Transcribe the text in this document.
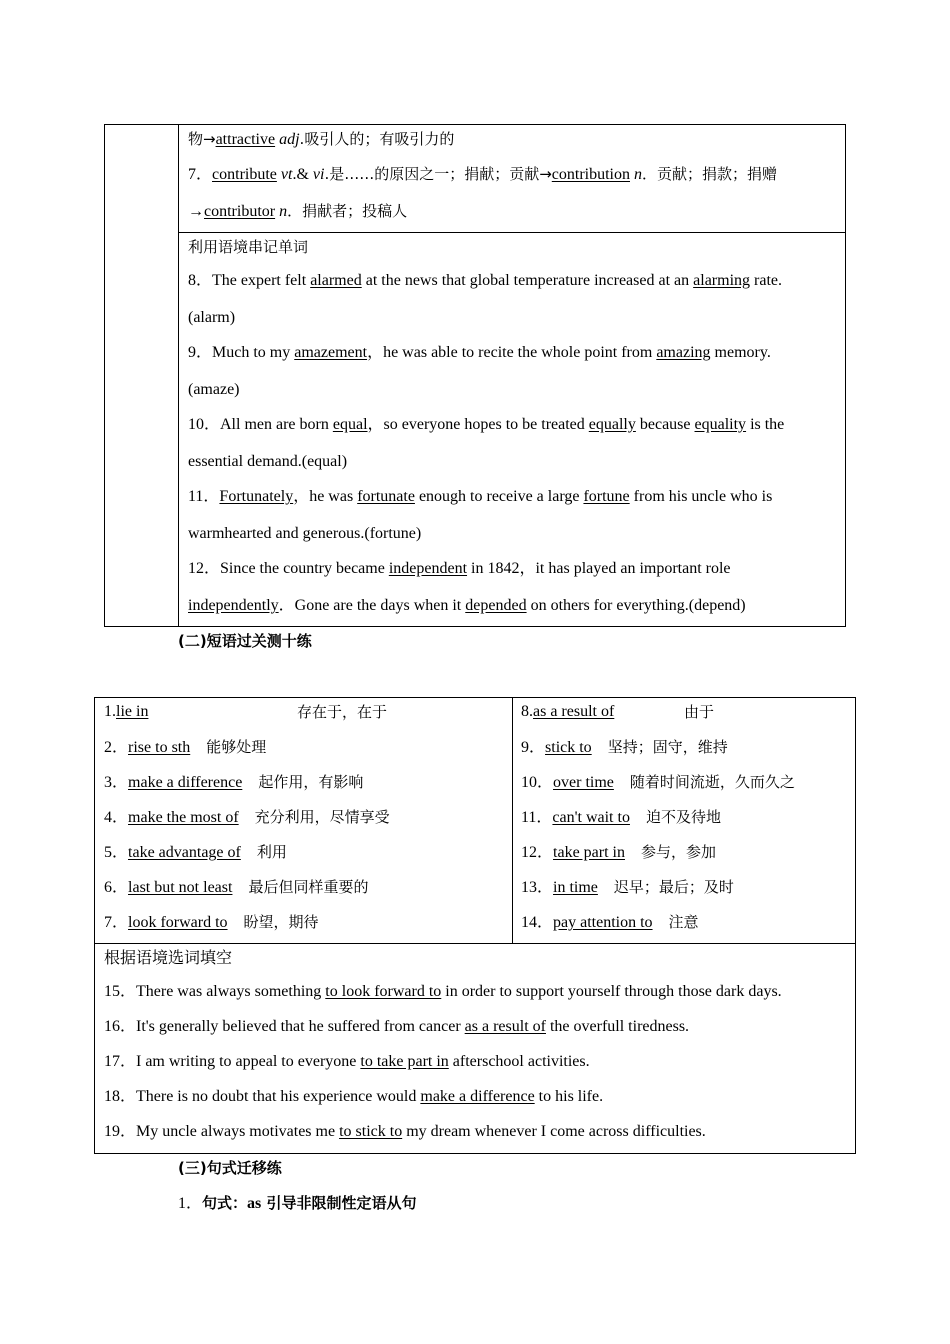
物→attractive adj.吸引人的；有吸引力的
7．contribute vt.& vi.是……的原因之一；捐献；贡献→contribution n．贡献；捐款；捐赠
→contributor n．捐献者；投稿人
利用语境串记单词
8．The expert felt alarmed at the news that global temperature increased at an alarming rate.
(alarm)
9．Much to my amazement，he was able to recite the whole point from amazing memory.
(amaze)
10．All men are born equal，so everyone hopes to be treated equally because equality is the
essential demand.(equal)
11．Fortunately，he was fortunate enough to receive a large fortune from his uncle who is
warmhearted and generous.(fortune)
12．Since the country became independent in 1842，it has played an important role
independently．Gone are the days when it depended on others for everything.(depend)
(二)短语过关测十练
1.lie in	存在于，在于
2．rise to sth 能够处理
3．make a difference 起作用，有影响
4．make the most of 充分利用，尽情享受
5．take advantage of 利用
6．last but not least 最后但同样重要的
7．look forward to 盼望，期待
8.as a result of	由于
9．stick to 坚持；固守，维持
10．over time 随着时间流逝，久而久之
11．can't wait to 迫不及待地
12．take part in 参与，参加
13．in time 迟早；最后；及时
14．pay attention to 注意
根据语境选词填空
15．There was always something to look forward to in order to support yourself through those dark days.
16．It's generally believed that he suffered from cancer as a result of the overfull tiredness.
17．I am writing to appeal to everyone to take part in afterschool activities.
18．There is no doubt that his experience would make a difference to his life.
19．My uncle always motivates me to stick to my dream whenever I come across difficulties.
(三)句式迁移练
1．句式：as 引导非限制性定语从句
